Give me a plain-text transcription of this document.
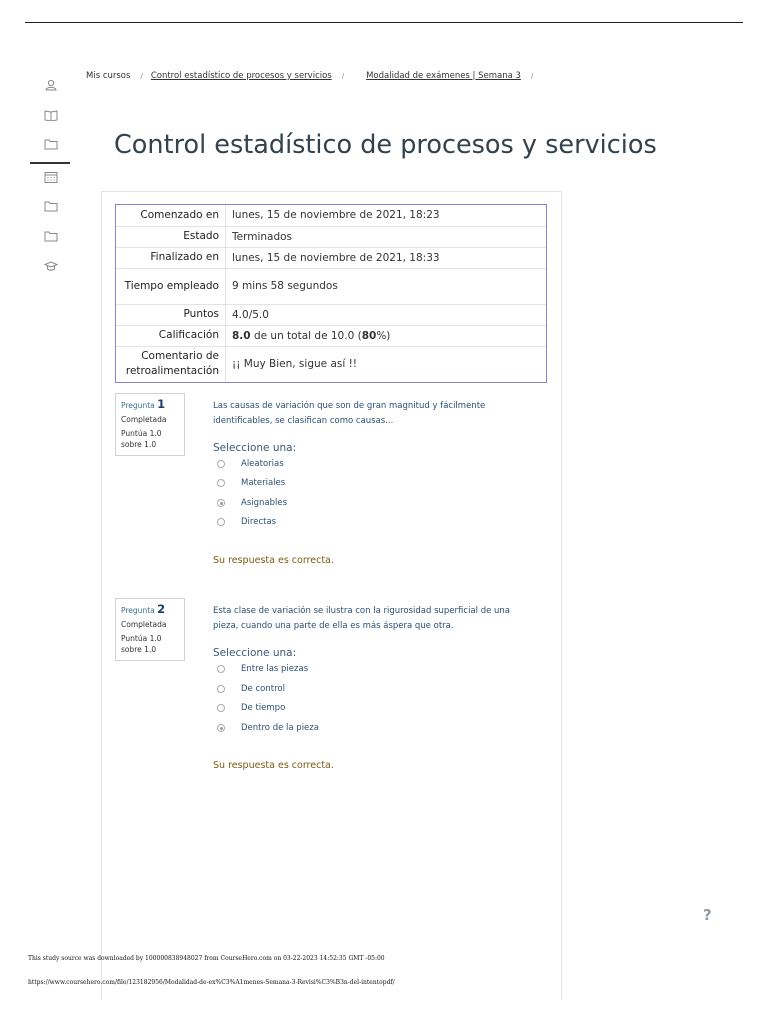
Mis cursos / Control estadístico de procesos y servicios /	Modalidad de exámenes | Semana 3 /
Control estadístico de procesos y servicios
Comenzado en	lunes, 15 de noviembre de 2021, 18:23
Estado	Terminados
Finalizado en	lunes, 15 de noviembre de 2021, 18:33
Tiempo empleado	9 mins 58 segundos
Puntos	4.0/5.0
Calificación	8.0 de un total de 10.0 (80%)
Comentario de retroalimentación	¡¡ Muy Bien, sigue así !!
Pregunta 1
Completada
Puntúa 1.0 sobre 1.0
Las causas de variación que son de gran magnitud y fácilmente identificables, se clasifican como causas...
Seleccione una:
Aleatorias
Materiales
Asignables
Directas
Su respuesta es correcta.
Pregunta 2
Completada
Puntúa 1.0 sobre 1.0
Esta clase de variación se ilustra con la rigurosidad superficial de una pieza, cuando una parte de ella es más áspera que otra.
Seleccione una:
Entre las piezas
De control
De tiempo
Dentro de la pieza
Su respuesta es correcta.
?
This study source was downloaded by 100000838948027 from CourseHero.com on 03-22-2023 14:52:35 GMT -05:00
https://www.coursehero.com/file/123182956/Modalidad-de-ex%C3%A1menes-Semana-3-Revisi%C3%B3n-del-intentopdf/
